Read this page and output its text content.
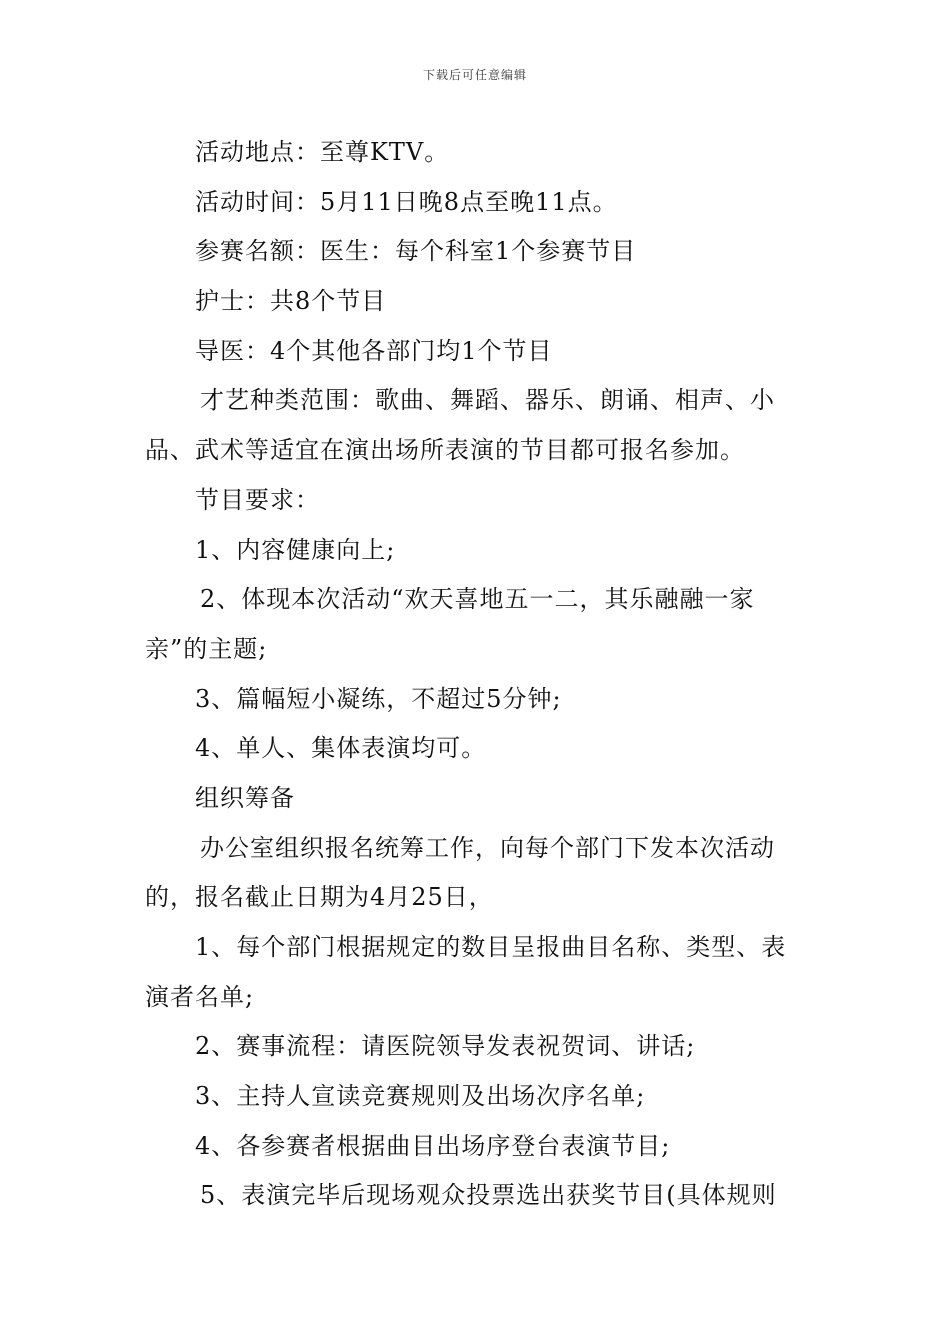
下载后可任意编辑
活动地点：至尊KTV。
活动时间：5月11日晚8点至晚11点。
参赛名额：医生：每个科室1个参赛节目
护士：共8个节目
导医：4个其他各部门均1个节目
才艺种类范围：歌曲、舞蹈、器乐、朗诵、相声、小
品、武术等适宜在演出场所表演的节目都可报名参加。
节目要求：
1、内容健康向上;
2、体现本次活动“欢天喜地五一二，其乐融融一家
亲”的主题;
3、篇幅短小凝练，不超过5分钟;
4、单人、集体表演均可。
组织筹备
办公室组织报名统筹工作，向每个部门下发本次活动
的，报名截止日期为4月25日，
1、每个部门根据规定的数目呈报曲目名称、类型、表
演者名单;
2、赛事流程：请医院领导发表祝贺词、讲话;
3、主持人宣读竞赛规则及出场次序名单;
4、各参赛者根据曲目出场序登台表演节目;
5、表演完毕后现场观众投票选出获奖节目(具体规则
